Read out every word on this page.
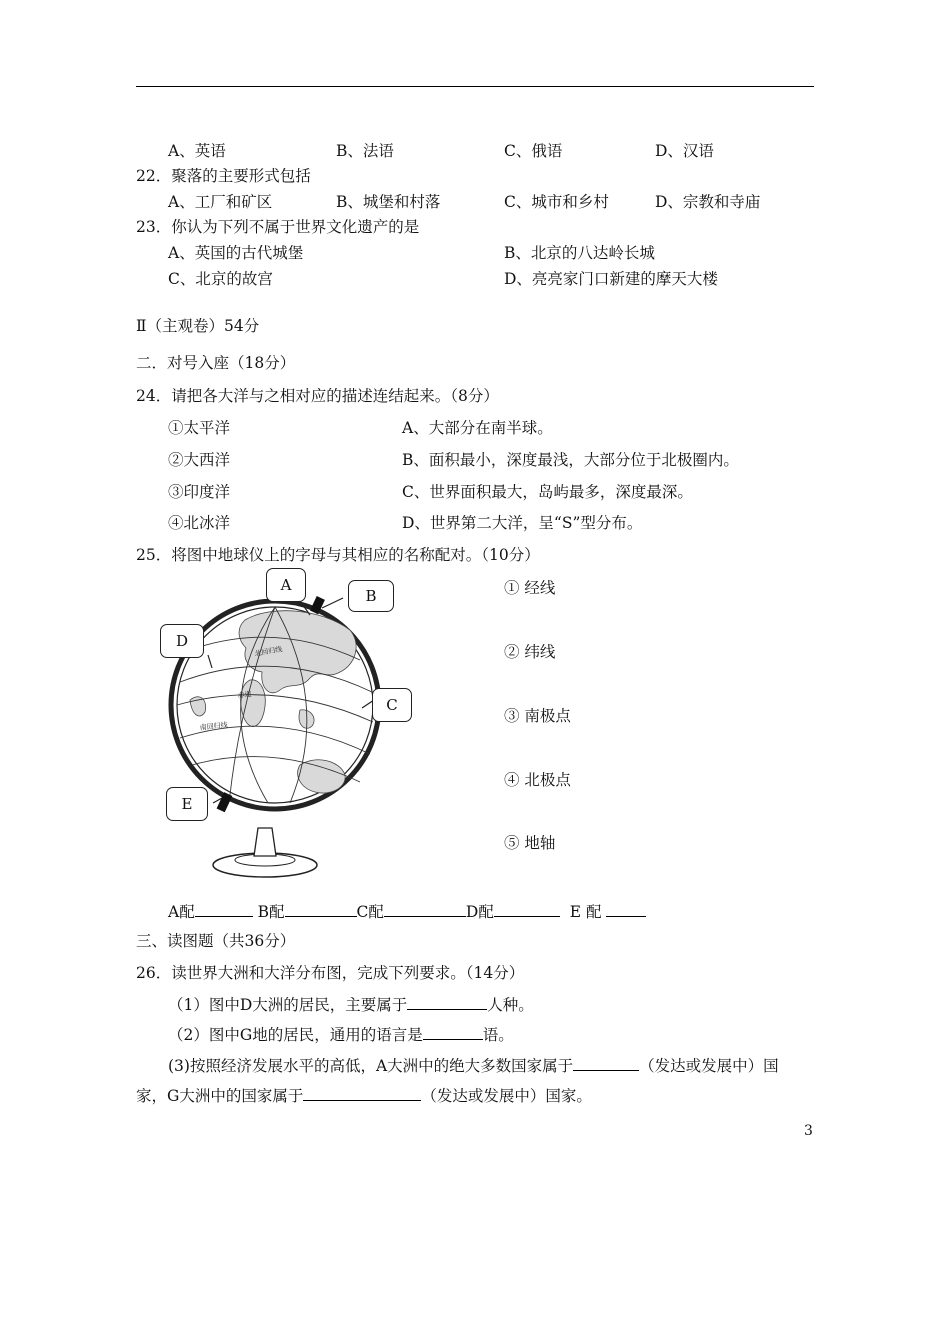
A、英语	B、法语	C、俄语	D、汉语
22．聚落的主要形式包括
A、工厂和矿区	B、城堡和村落	C、城市和乡村	D、宗教和寺庙
23．你认为下列不属于世界文化遗产的是
A、英国的古代城堡	B、北京的八达岭长城
C、北京的故宫	D、亮亮家门口新建的摩天大楼
Ⅱ（主观卷）54分
二．对号入座（18分）
24．请把各大洋与之相对应的描述连结起来。（8分）
①太平洋	A、大部分在南半球。
②大西洋	B、面积最小，深度最浅，大部分位于北极圈内。
③印度洋	C、世界面积最大，岛屿最多，深度最深。
④北冰洋	D、世界第二大洋，呈“S”型分布。
25．将图中地球仪上的字母与其相应的名称配对。（10分）
北回归线
赤道
南回归线
A
B
D
C
E
① 经线
② 纬线
③ 南极点
④ 北极点
⑤ 地轴
A配	B配	C配	D配	E 配
三、读图题（共36分）
26．读世界大洲和大洋分布图，完成下列要求。（14分）
（1）图中D大洲的居民，主要属于	人种。
（2）图中G地的居民，通用的语言是	语。
(3)按照经济发展水平的高低，A大洲中的绝大多数国家属于	（发达或发展中）国
家，G大洲中的国家属于	（发达或发展中）国家。
3
